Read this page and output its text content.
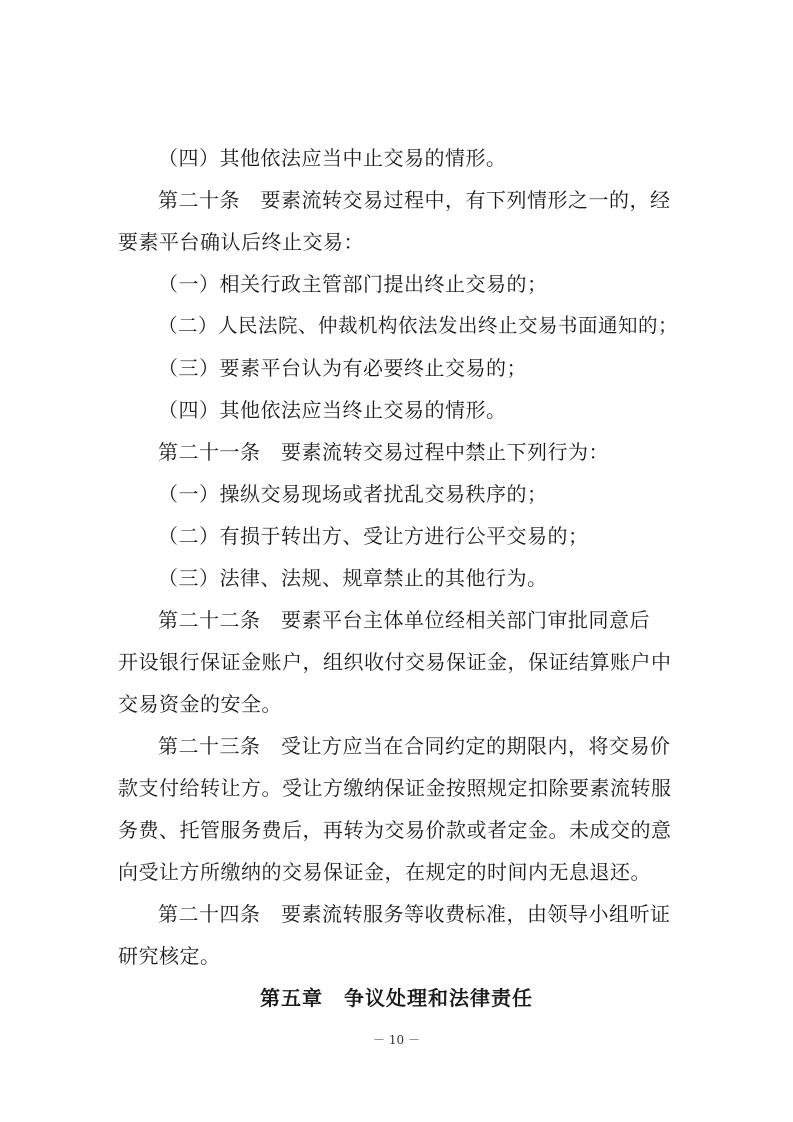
（四）其他依法应当中止交易的情形。
第二十条　要素流转交易过程中，有下列情形之一的，经
要素平台确认后终止交易：
（一）相关行政主管部门提出终止交易的；
（二）人民法院、仲裁机构依法发出终止交易书面通知的；
（三）要素平台认为有必要终止交易的；
（四）其他依法应当终止交易的情形。
第二十一条　要素流转交易过程中禁止下列行为：
（一）操纵交易现场或者扰乱交易秩序的；
（二）有损于转出方、受让方进行公平交易的；
（三）法律、法规、规章禁止的其他行为。
第二十二条　要素平台主体单位经相关部门审批同意后
开设银行保证金账户，组织收付交易保证金，保证结算账户中
交易资金的安全。
第二十三条　受让方应当在合同约定的期限内，将交易价
款支付给转让方。受让方缴纳保证金按照规定扣除要素流转服
务费、托管服务费后，再转为交易价款或者定金。未成交的意
向受让方所缴纳的交易保证金，在规定的时间内无息退还。
第二十四条　要素流转服务等收费标准，由领导小组听证
研究核定。
第五章　争议处理和法律责任
－ 10 －
